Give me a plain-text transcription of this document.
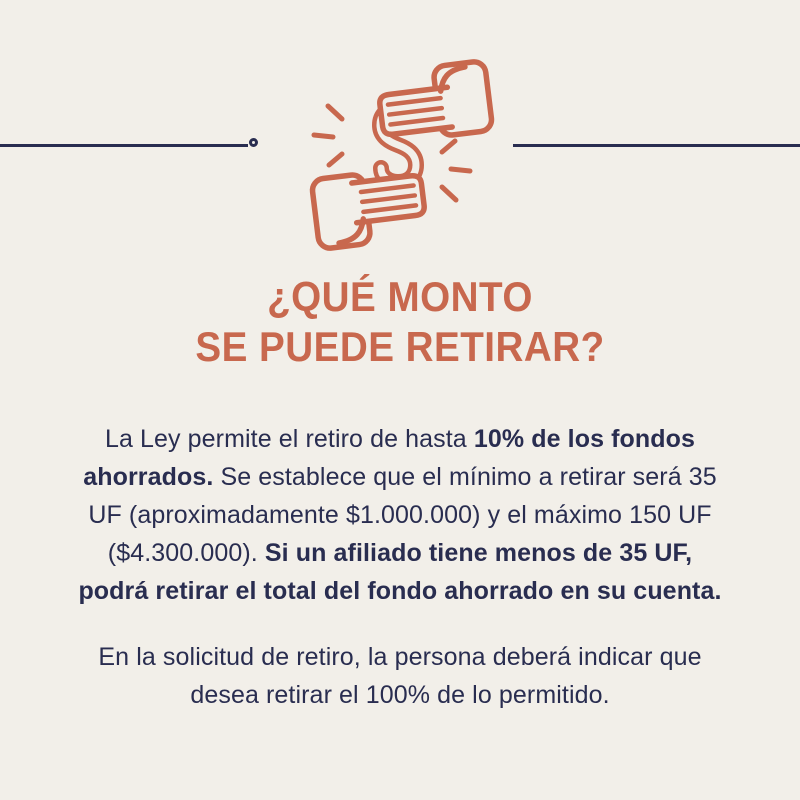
¿QUÉ MONTO
SE PUEDE RETIRAR?
La Ley permite el retiro de hasta 10% de los fondos
ahorrados. Se establece que el mínimo a retirar será 35
UF (aproximadamente $1.000.000) y el máximo 150 UF
($4.300.000). Si un afiliado tiene menos de 35 UF,
podrá retirar el total del fondo ahorrado en su cuenta.
En la solicitud de retiro, la persona deberá indicar que
desea retirar el 100% de lo permitido.
